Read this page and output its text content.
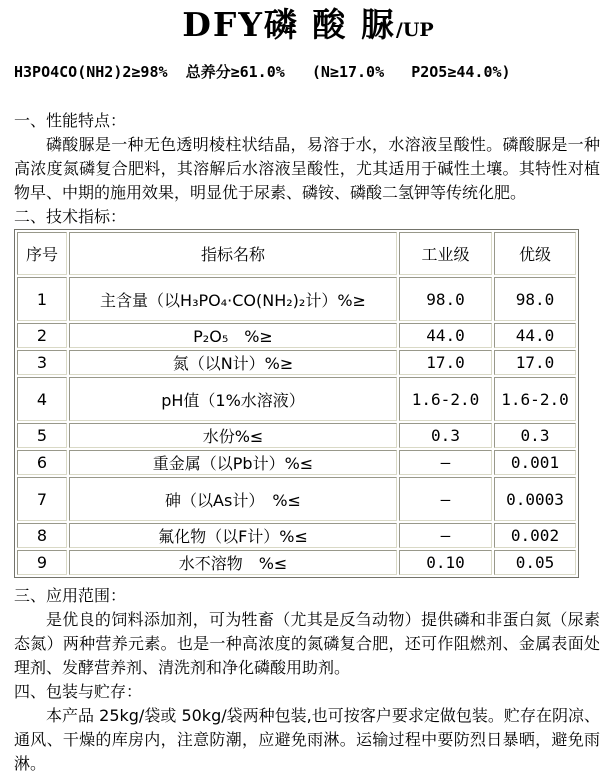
DFY磷 酸 脲/UP
H3PO4CO(NH2)2≥98%  总养分≥61.0%   (N≥17.0%   P2O5≥44.0%)
一、性能特点：

磷酸脲是一种无色透明棱柱状结晶，易溶于水，水溶液呈酸性。磷酸脲是一种高浓度氮磷复合肥料，其溶解后水溶液呈酸性，尤其适用于碱性土壤。其特性对植物早、中期的施用效果，明显优于尿素、磷铵、磷酸二氢钾等传统化肥。

二、技术指标：
序号	指标名称	工业级	优级
1	主含量（以H₃PO₄·CO(NH₂)₂计）%≥	98.0	98.0
2	P₂O₅　%≥	44.0	44.0
3	氮（以N计）%≥	17.0	17.0
4	pH值（1%水溶液）	1.6-2.0	1.6-2.0
5	水份%≤	0.3	0.3
6	重金属（以Pb计）%≤	–	0.001
7	砷（以As计）　%≤	–	0.0003
8	氟化物（以F计）%≤	–	0.002
9	水不溶物　%≤	0.10	0.05
三、应用范围：

是优良的饲料添加剂，可为牲畜（尤其是反刍动物）提供磷和非蛋白氮（尿素态氮）两种营养元素。也是一种高浓度的氮磷复合肥，还可作阻燃剂、金属表面处理剂、发酵营养剂、清洗剂和净化磷酸用助剂。

四、包装与贮存：

本产品 25kg/袋或 50kg/袋两种包装,也可按客户要求定做包装。贮存在阴凉、通风、干燥的库房内，注意防潮，应避免雨淋。运输过程中要防烈日暴晒，避免雨淋。
